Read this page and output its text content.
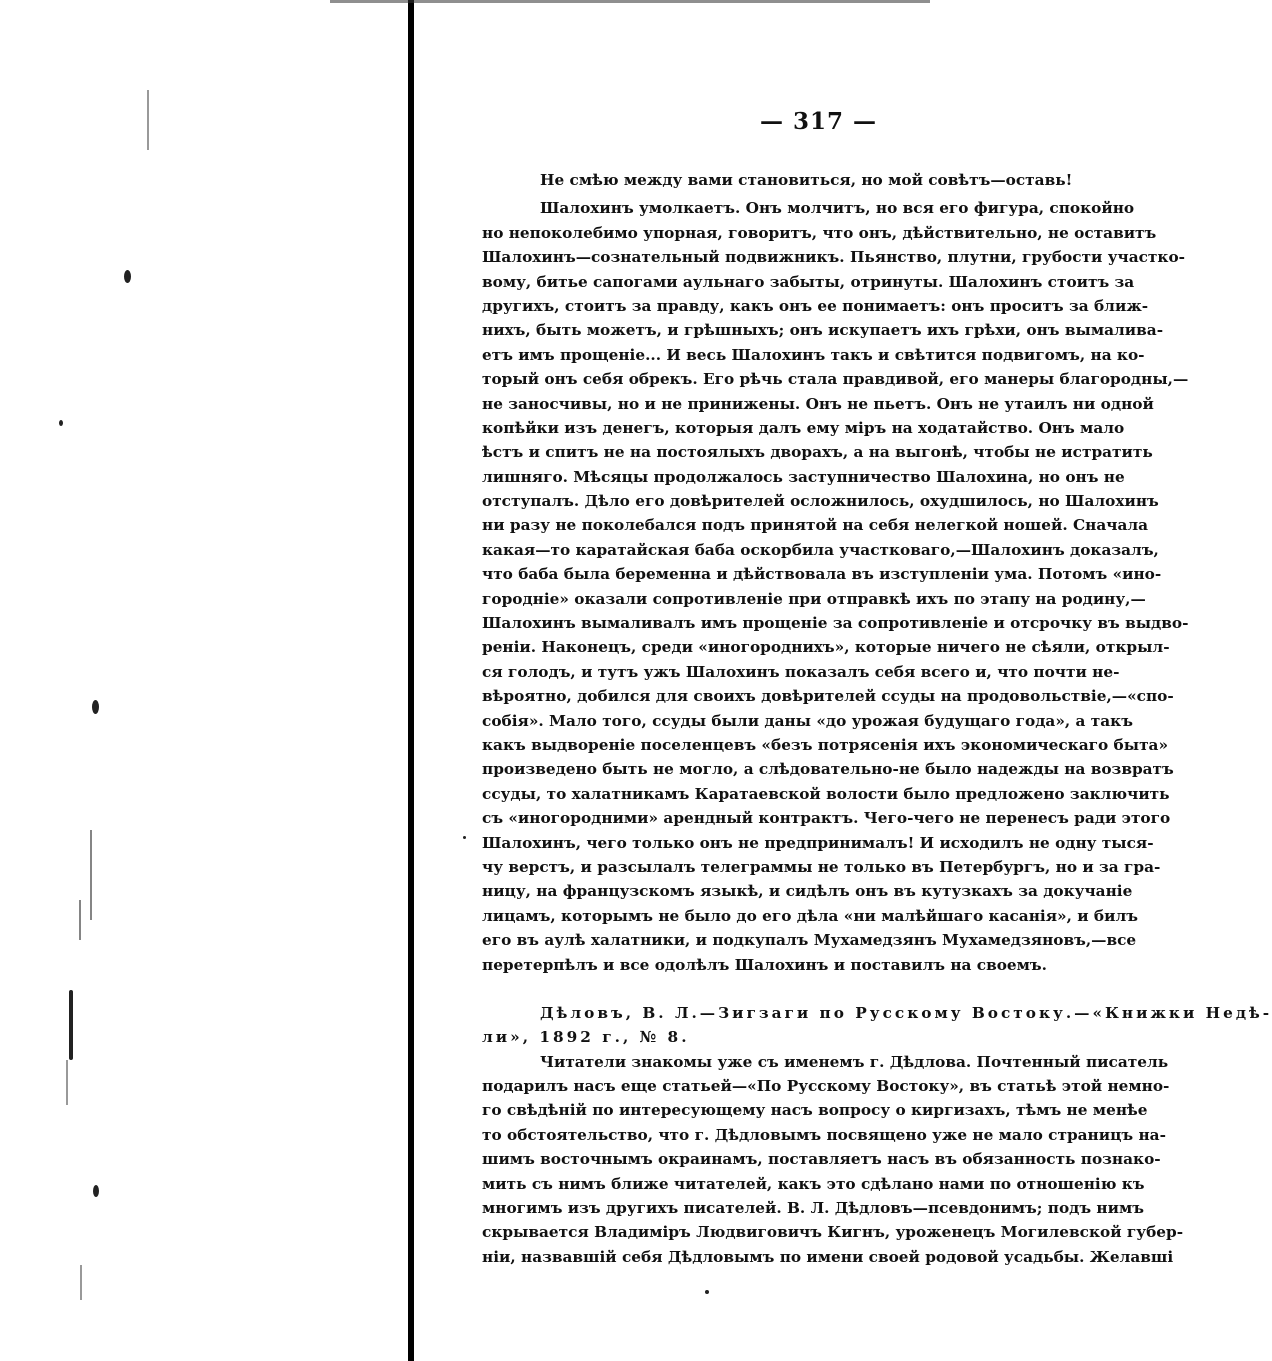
— 317 —
Не смѣю между вами становиться, но мой совѣтъ—оставь!
Шалохинъ умолкаетъ. Онъ молчитъ, но вся его фигура, спокойно
но непоколебимо упорная, говоритъ, что онъ, дѣйствительно, не оставитъ
Шалохинъ—сознательный подвижникъ. Пьянство, плутни, грубости участко-
вому, битье сапогами аульнаго забыты, отринуты. Шалохинъ стоитъ за
другихъ, стоитъ за правду, какъ онъ ее понимаетъ: онъ проситъ за ближ-
нихъ, быть можетъ, и грѣшныхъ; онъ искупаетъ ихъ грѣхи, онъ вымалива-
етъ имъ прощеніе... И весь Шалохинъ такъ и свѣтится подвигомъ, на ко-
торый онъ себя обрекъ. Его рѣчь стала правдивой, его манеры благородны,—
не заносчивы, но и не принижены. Онъ не пьетъ. Онъ не утаилъ ни одной
копѣйки изъ денегъ, которыя далъ ему міръ на ходатайство. Онъ мало
ѣстъ и спитъ не на постоялыхъ дворахъ, а на выгонѣ, чтобы не истратить
лишняго. Мѣсяцы продолжалось заступничество Шалохина, но онъ не
отступалъ. Дѣло его довѣрителей осложнилось, охудшилось, но Шалохинъ
ни разу не поколебался подъ принятой на себя нелегкой ношей. Сначала
какая—то каратайская баба оскорбила участковаго,—Шалохинъ доказалъ,
что баба была беременна и дѣйствовала въ изступленіи ума. Потомъ «ино-
городніе» оказали сопротивленіе при отправкѣ ихъ по этапу на родину,—
Шалохинъ вымаливалъ имъ прощеніе за сопротивленіе и отсрочку въ выдво-
реніи. Наконецъ, среди «иногороднихъ», которые ничего не сѣяли, открыл-
ся голодъ, и тутъ ужъ Шалохинъ показалъ себя всего и, что почти не-
вѣроятно, добился для своихъ довѣрителей ссуды на продовольствіе,—«спо-
собія». Мало того, ссуды были даны «до урожая будущаго года», а такъ
какъ выдвореніе поселенцевъ «безъ потрясенія ихъ экономическаго быта»
произведено быть не могло, а слѣдовательно-не было надежды на возвратъ
ссуды, то халатникамъ Каратаевской волости было предложено заключить
съ «иногородними» арендный контрактъ. Чего-чего не перенесъ ради этого
Шалохинъ, чего только онъ не предпринималъ! И исходилъ не одну тыся-
чу верстъ, и разсылалъ телеграммы не только въ Петербургъ, но и за гра-
ницу, на французскомъ языкѣ, и сидѣлъ онъ въ кутузкахъ за докучаніе
лицамъ, которымъ не было до его дѣла «ни малѣйшаго касанія», и билъ
его въ аулѣ халатники, и подкупалъ Мухамедзянъ Мухамедзяновъ,—все
перетерпѣлъ и все одолѣлъ Шалохинъ и поставилъ на своемъ.
Дѣловъ, В. Л.—Зигзаги по Русскому Востоку.—«Книжки Недѣ-
ли», 1892 г., № 8.
Читатели знакомы уже съ именемъ г. Дѣдлова. Почтенный писатель
подарилъ насъ еще статьей—«По Русскому Востоку», въ статьѣ этой немно-
го свѣдѣній по интересующему насъ вопросу о киргизахъ, тѣмъ не менѣе
то обстоятельство, что г. Дѣдловымъ посвящено уже не мало страницъ на-
шимъ восточнымъ окраинамъ, поставляетъ насъ въ обязанность познако-
мить съ нимъ ближе читателей, какъ это сдѣлано нами по отношенію къ
многимъ изъ другихъ писателей. В. Л. Дѣдловъ—псевдонимъ; подъ нимъ
скрывается Владиміръ Людвиговичъ Кигнъ, уроженецъ Могилевской губер-
ніи, назвавшій себя Дѣдловымъ по имени своей родовой усадьбы. Желавші
